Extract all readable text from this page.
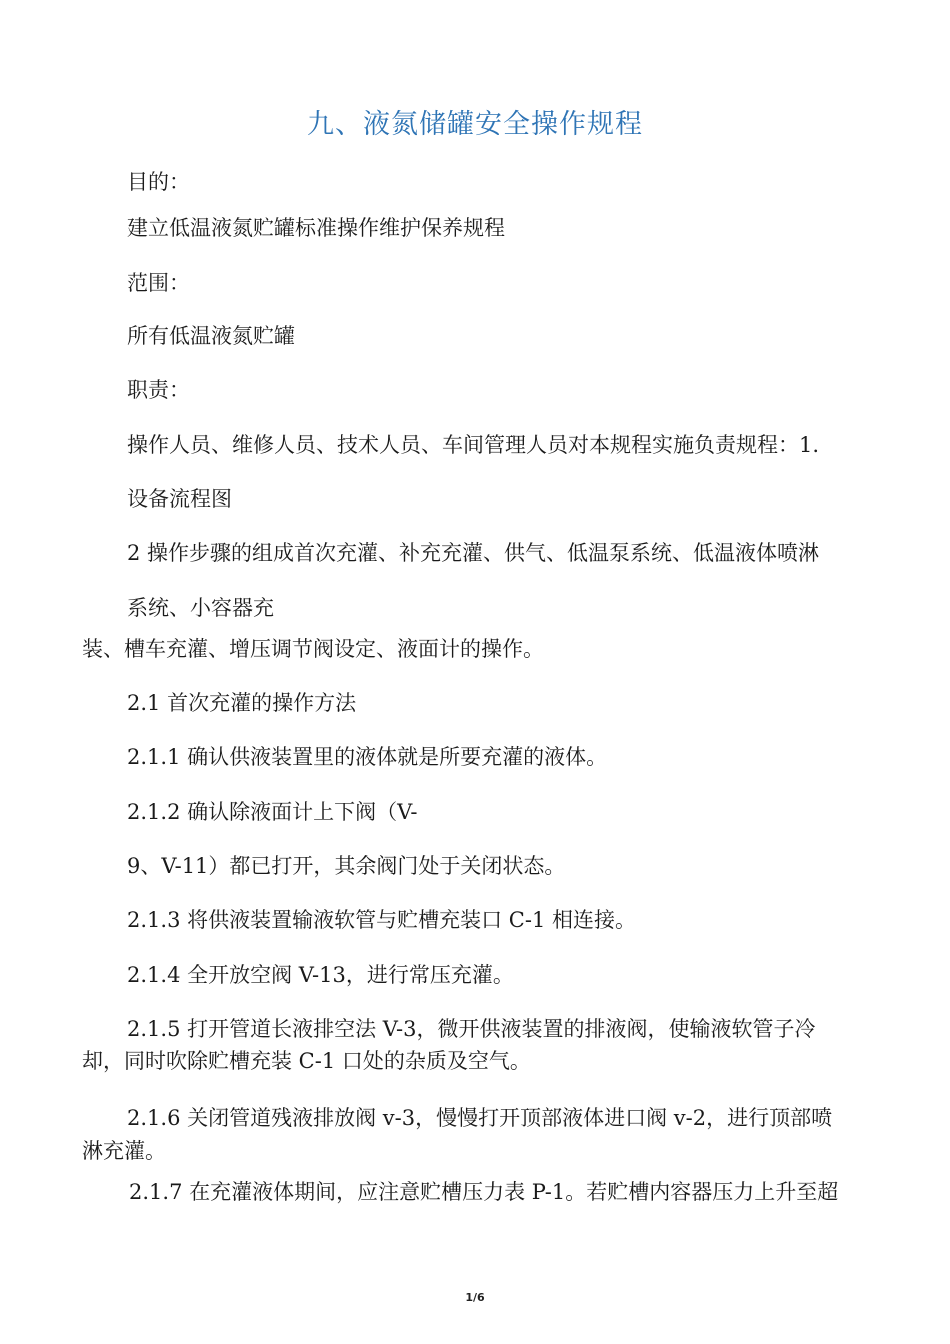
九、液氮储罐安全操作规程

目的：

建立低温液氮贮罐标准操作维护保养规程

范围：

所有低温液氮贮罐

职责：

操作人员、维修人员、技术人员、车间管理人员对本规程实施负责规程：1.

设备流程图

2 操作步骤的组成首次充灌、补充充灌、供气、低温泵系统、低温液体喷淋

系统、小容器充

装、槽车充灌、增压调节阀设定、液面计的操作。

2.1 首次充灌的操作方法

2.1.1 确认供液装置里的液体就是所要充灌的液体。

2.1.2 确认除液面计上下阀（V-

9、V-11）都已打开，其余阀门处于关闭状态。

2.1.3 将供液装置输液软管与贮槽充装口 C-1 相连接。

2.1.4 全开放空阀 V-13，进行常压充灌。

2.1.5 打开管道长液排空法 V-3，微开供液装置的排液阀，使输液软管子冷

却，同时吹除贮槽充装 C-1 口处的杂质及空气。

2.1.6 关闭管道残液排放阀 v-3，慢慢打开顶部液体进口阀 v-2，进行顶部喷

淋充灌。

2.1.7 在充灌液体期间，应注意贮槽压力表 P-1。若贮槽内容器压力上升至超

1/6
